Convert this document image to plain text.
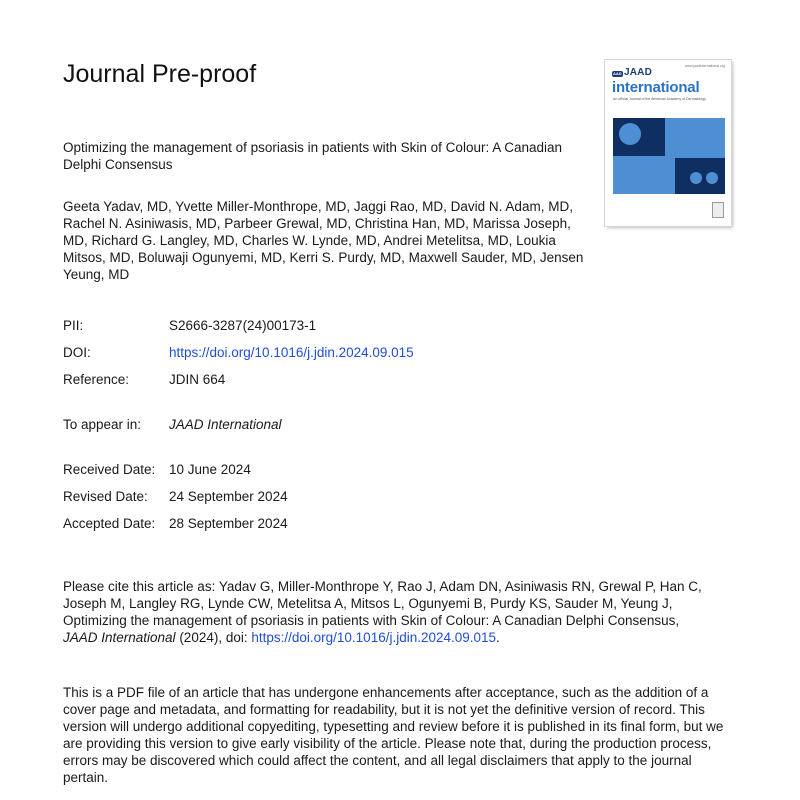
Journal Pre-proof	www.jaadinternational.org
AAD JAAD
international
An official Journal of the American Academy of Dermatology
Optimizing the management of psoriasis in patients with Skin of Colour: A Canadian Delphi Consensus
Geeta Yadav, MD, Yvette Miller-Monthrope, MD, Jaggi Rao, MD, David N. Adam, MD, Rachel N. Asiniwasis, MD, Parbeer Grewal, MD, Christina Han, MD, Marissa Joseph, MD, Richard G. Langley, MD, Charles W. Lynde, MD, Andrei Metelitsa, MD, Loukia Mitsos, MD, Boluwaji Ogunyemi, MD, Kerri S. Purdy, MD, Maxwell Sauder, MD, Jensen Yeung, MD
PII:	S2666-3287(24)00173-1
DOI:	https://doi.org/10.1016/j.jdin.2024.09.015
Reference:	JDIN 664
To appear in: JAAD International
Received Date: 10 June 2024
Revised Date: 24 September 2024
Accepted Date: 28 September 2024
Please cite this article as: Yadav G, Miller-Monthrope Y, Rao J, Adam DN, Asiniwasis RN, Grewal P, Han C, Joseph M, Langley RG, Lynde CW, Metelitsa A, Mitsos L, Ogunyemi B, Purdy KS, Sauder M, Yeung J, Optimizing the management of psoriasis in patients with Skin of Colour: A Canadian Delphi Consensus, JAAD International (2024), doi: https://doi.org/10.1016/j.jdin.2024.09.015.
This is a PDF file of an article that has undergone enhancements after acceptance, such as the addition of a cover page and metadata, and formatting for readability, but it is not yet the definitive version of record. This version will undergo additional copyediting, typesetting and review before it is published in its final form, but we are providing this version to give early visibility of the article. Please note that, during the production process, errors may be discovered which could affect the content, and all legal disclaimers that apply to the journal pertain.
